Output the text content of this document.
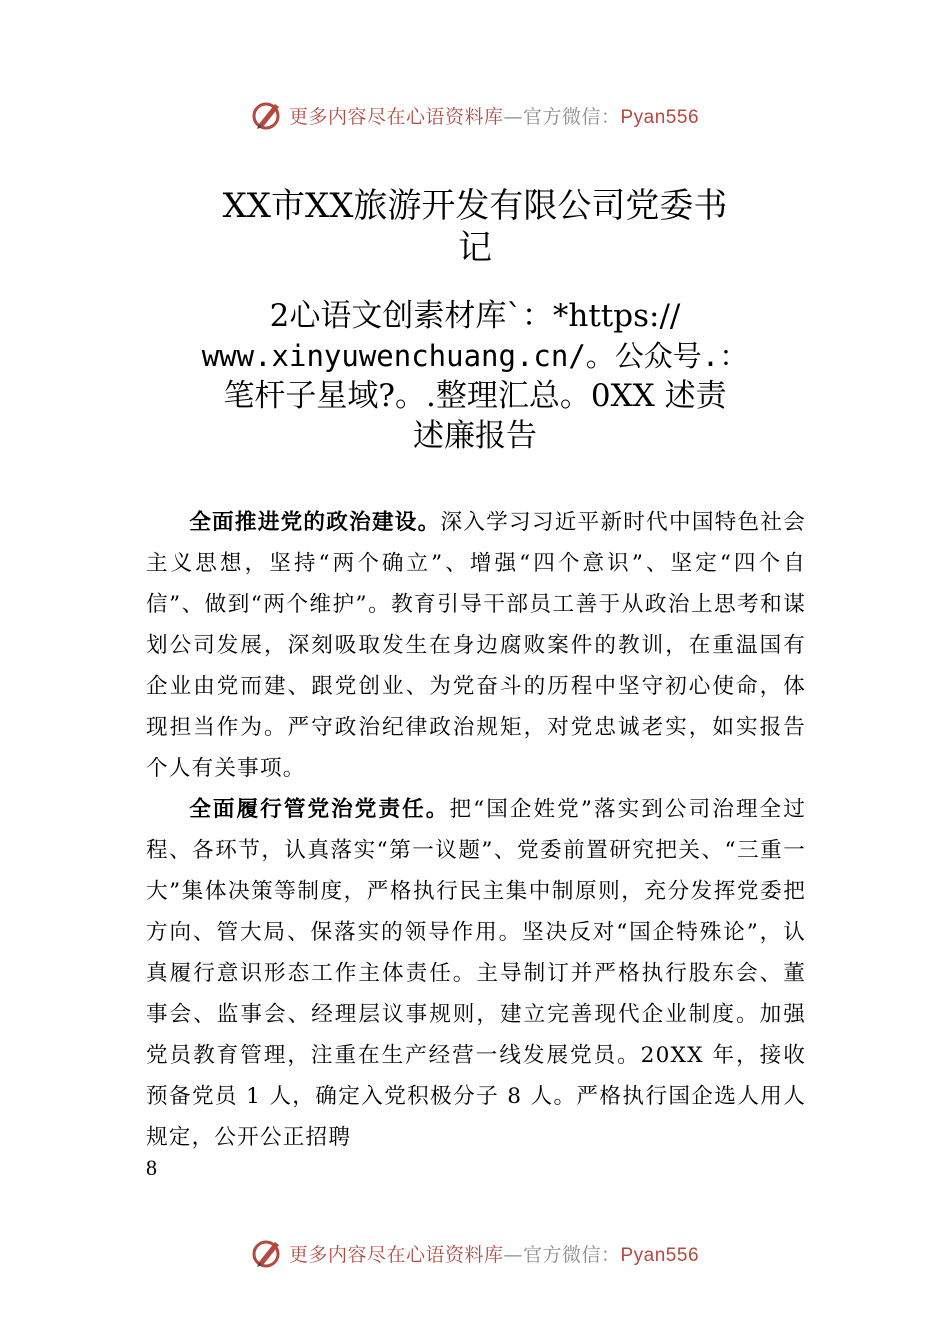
更多内容尽在心语资料库—官方微信：Pyan556
XX市XX旅游开发有限公司党委书
记
2心语文创素材库`：*https://
www.xinyuwenchuang.cn/。公众号.：
笔杆子星域?。.整理汇总。0XX 述责
述廉报告

全面推进党的政治建设。深入学习习近平新时代中国特色社会主义思想，坚持“两个确立”、增强“四个意识”、坚定“四个自信”、做到“两个维护”。教育引导干部员工善于从政治上思考和谋划公司发展，深刻吸取发生在身边腐败案件的教训，在重温国有企业由党而建、跟党创业、为党奋斗的历程中坚守初心使命，体现担当作为。严守政治纪律政治规矩，对党忠诚老实，如实报告个人有关事项。

全面履行管党治党责任。把“国企姓党”落实到公司治理全过程、各环节，认真落实“第一议题”、党委前置研究把关、“三重一大”集体决策等制度，严格执行民主集中制原则，充分发挥党委把方向、管大局、保落实的领导作用。坚决反对“国企特殊论”，认真履行意识形态工作主体责任。主导制订并严格执行股东会、董事会、监事会、经理层议事规则，建立完善现代企业制度。加强党员教育管理，注重在生产经营一线发展党员。20XX 年，接收预备党员 1 人，确定入党积极分子 8 人。严格执行国企选人用人规定，公开公正招聘

8
更多内容尽在心语资料库—官方微信：Pyan556
